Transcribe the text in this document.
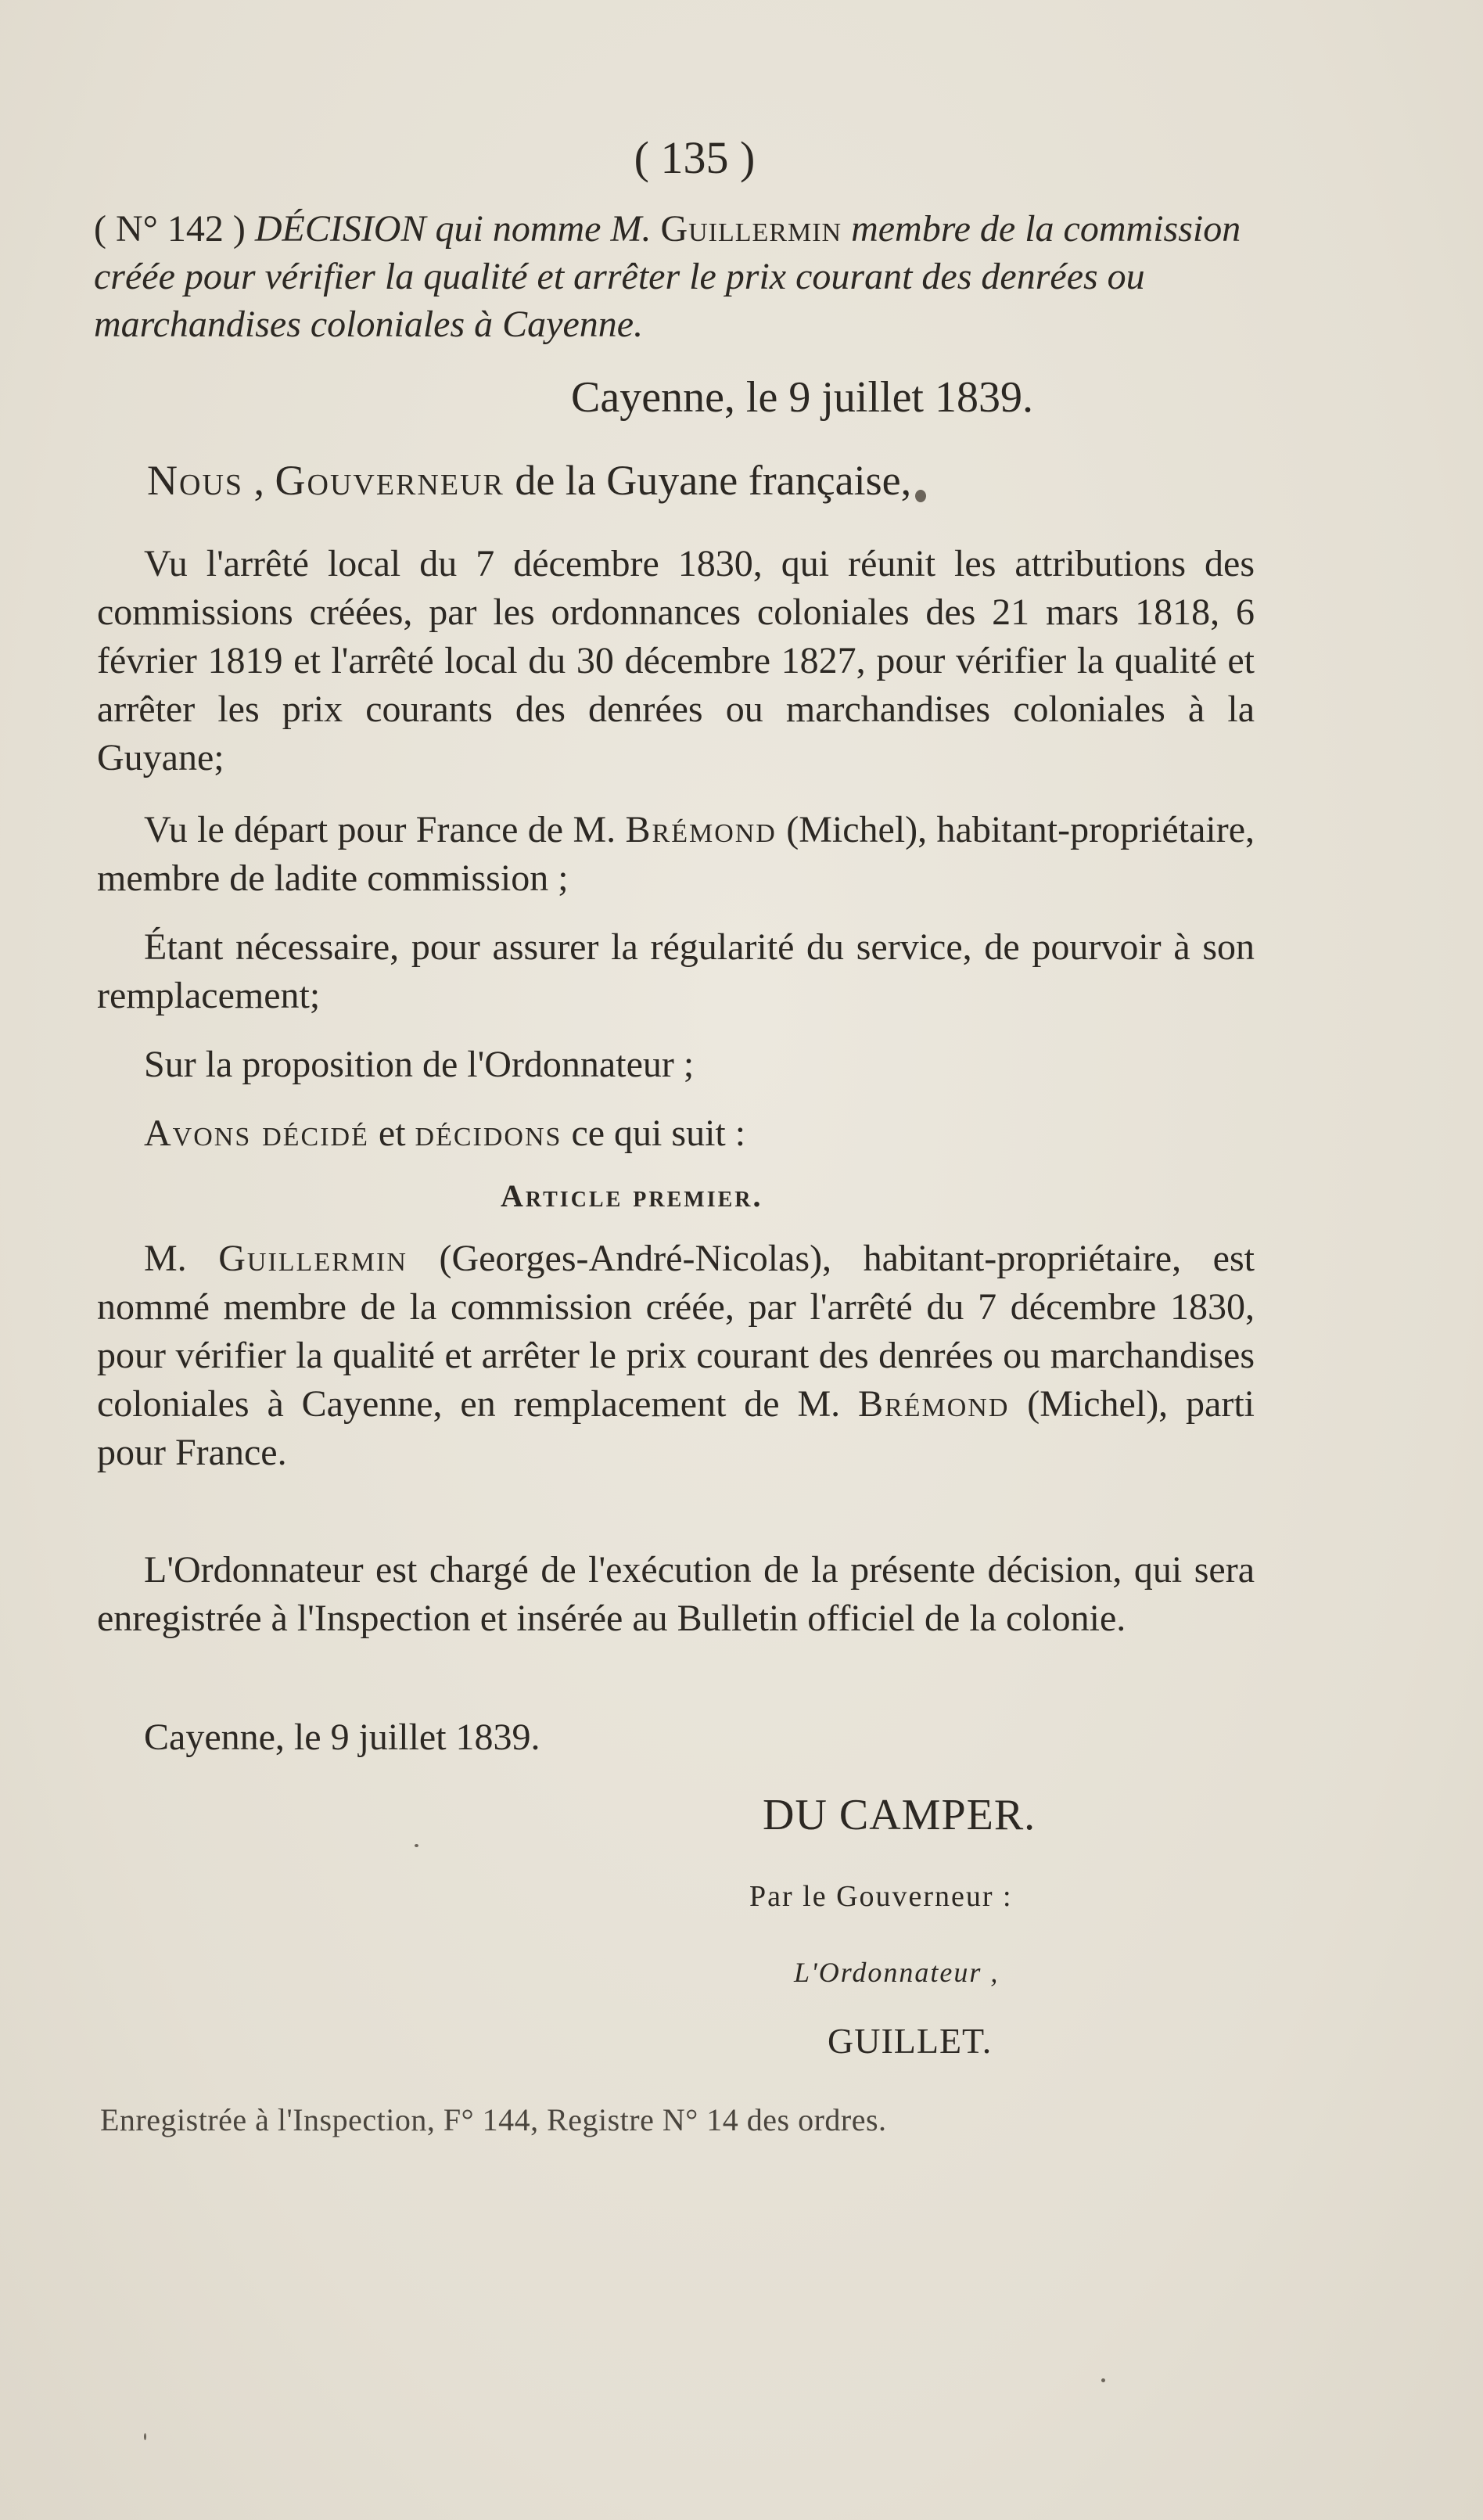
( 135 )

( N° 142 ) DÉCISION qui nomme M. Guillermin membre de la commission créée pour vérifier la qualité et arrêter le prix courant des denrées ou marchandises coloniales à Cayenne.

Cayenne, le 9 juillet 1839.

Nous , Gouverneur de la Guyane française,

Vu l'arrêté local du 7 décembre 1830, qui réunit les attributions des commissions créées, par les ordonnances coloniales des 21 mars 1818, 6 février 1819 et l'arrêté local du 30 décembre 1827, pour vérifier la qualité et arrêter les prix courants des denrées ou marchandises coloniales à la Guyane;

Vu le départ pour France de M. Brémond (Michel), habitant-propriétaire, membre de ladite commission ;

Étant nécessaire, pour assurer la régularité du service, de pourvoir à son remplacement;

Sur la proposition de l'Ordonnateur ;

Avons décidé et décidons ce qui suit :

Article premier.

M. Guillermin (Georges-André-Nicolas), habitant-propriétaire, est nommé membre de la commission créée, par l'arrêté du 7 décembre 1830, pour vérifier la qualité et arrêter le prix courant des denrées ou marchandises coloniales à Cayenne, en remplacement de M. Brémond (Michel), parti pour France.

L'Ordonnateur est chargé de l'exécution de la présente décision, qui sera enregistrée à l'Inspection et insérée au Bulletin officiel de la colonie.

Cayenne, le 9 juillet 1839.

DU CAMPER.

Par le Gouverneur :

L'Ordonnateur ,

GUILLET.

Enregistrée à l'Inspection, F° 144, Registre N° 14 des ordres.
